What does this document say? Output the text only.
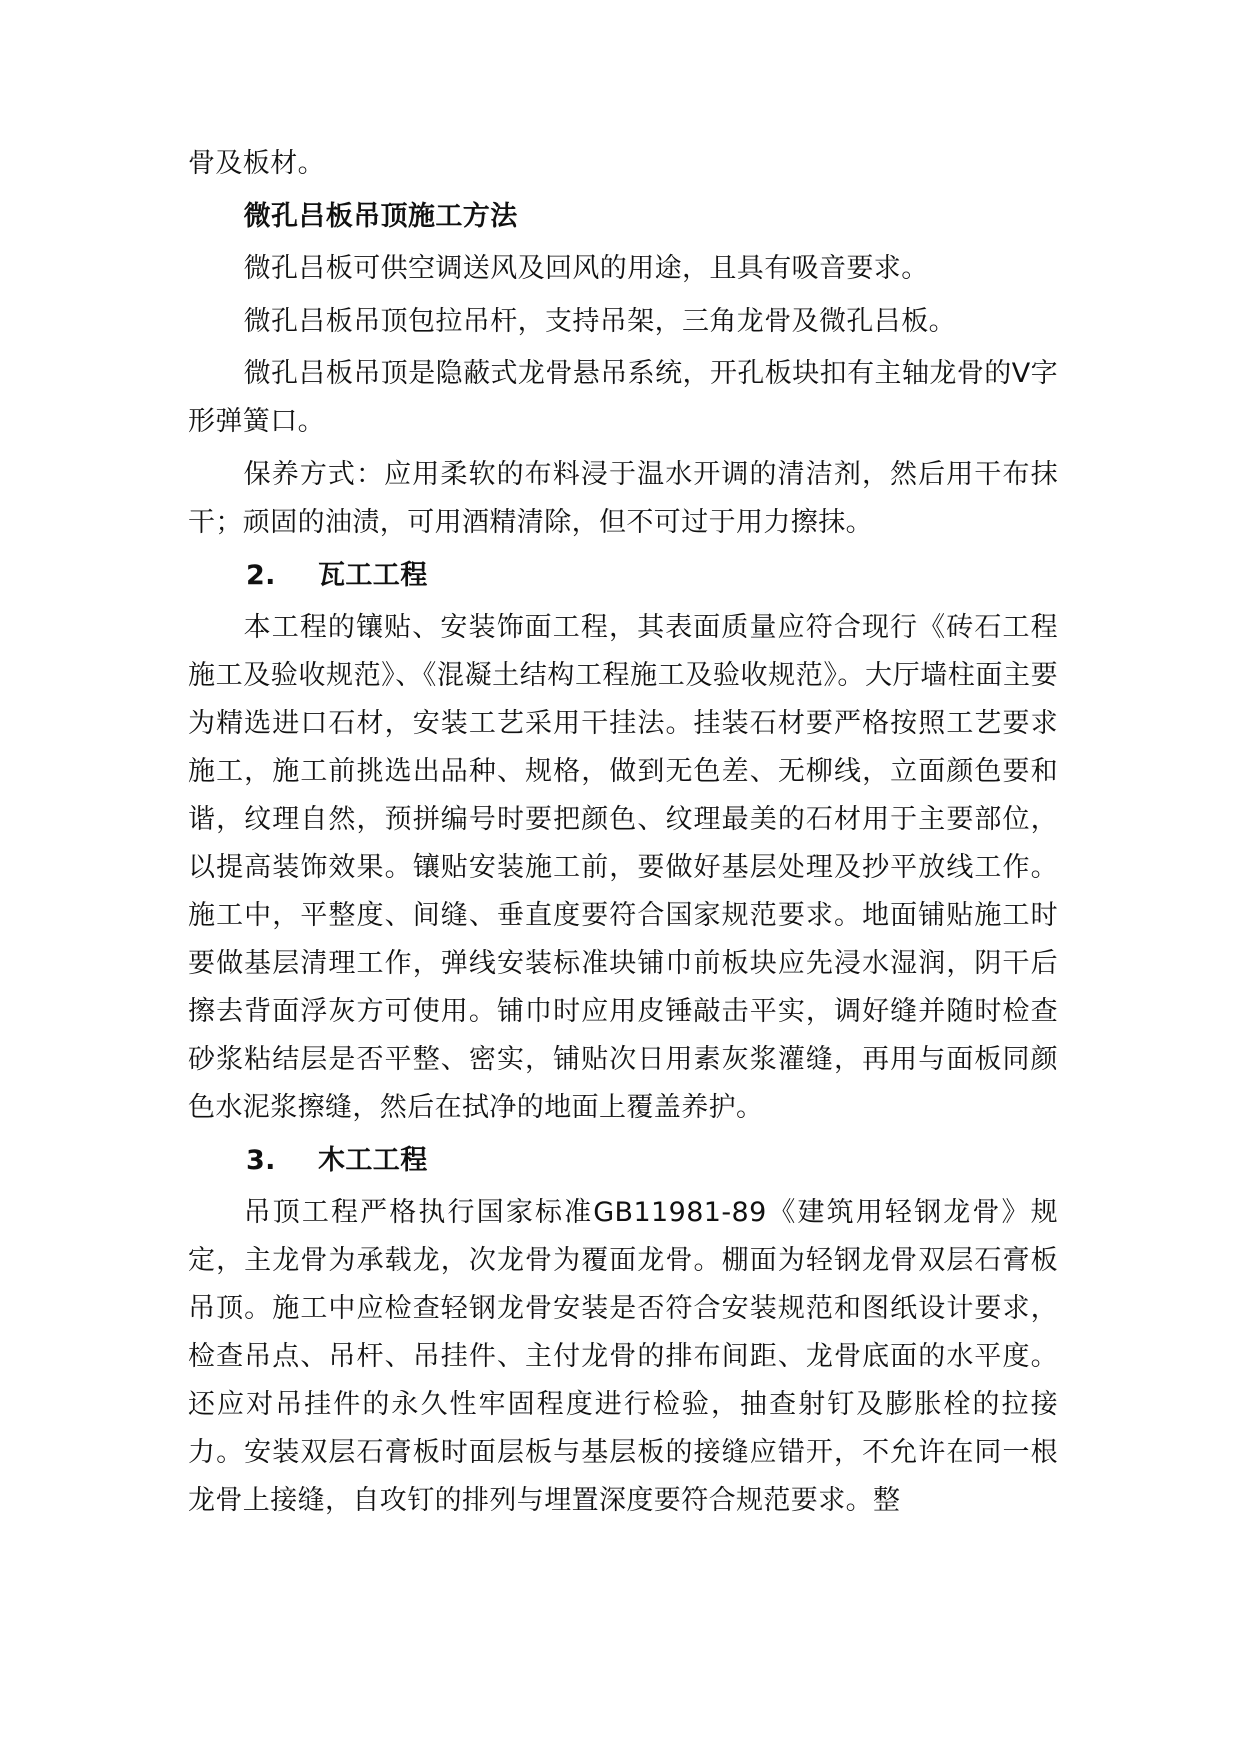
骨及板材。

微孔吕板吊顶施工方法

微孔吕板可供空调送风及回风的用途，且具有吸音要求。

微孔吕板吊顶包拉吊杆，支持吊架，三角龙骨及微孔吕板。

微孔吕板吊顶是隐蔽式龙骨悬吊系统，开孔板块扣有主轴龙骨的V字形弹簧口。

保养方式：应用柔软的布料浸于温水开调的清洁剂，然后用干布抹干；顽固的油渍，可用酒精清除，但不可过于用力擦抹。

2. 瓦工工程

本工程的镶贴、安装饰面工程，其表面质量应符合现行《砖石工程施工及验收规范》、《混凝土结构工程施工及验收规范》。大厅墙柱面主要为精选进口石材，安装工艺采用干挂法。挂装石材要严格按照工艺要求施工，施工前挑选出品种、规格，做到无色差、无柳线，立面颜色要和谐，纹理自然，预拼编号时要把颜色、纹理最美的石材用于主要部位，以提高装饰效果。镶贴安装施工前，要做好基层处理及抄平放线工作。施工中，平整度、间缝、垂直度要符合国家规范要求。地面铺贴施工时要做基层清理工作，弹线安装标准块铺巾前板块应先浸水湿润，阴干后擦去背面浮灰方可使用。铺巾时应用皮锤敲击平实，调好缝并随时检查砂浆粘结层是否平整、密实，铺贴次日用素灰浆灌缝，再用与面板同颜色水泥浆擦缝，然后在拭净的地面上覆盖养护。

3. 木工工程

吊顶工程严格执行国家标准GB11981-89《建筑用轻钢龙骨》规定，主龙骨为承载龙，次龙骨为覆面龙骨。棚面为轻钢龙骨双层石膏板吊顶。施工中应检查轻钢龙骨安装是否符合安装规范和图纸设计要求，检查吊点、吊杆、吊挂件、主付龙骨的排布间距、龙骨底面的水平度。还应对吊挂件的永久性牢固程度进行检验，抽查射钉及膨胀栓的拉接力。安装双层石膏板时面层板与基层板的接缝应错开，不允许在同一根龙骨上接缝，自攻钉的排列与埋置深度要符合规范要求。整
